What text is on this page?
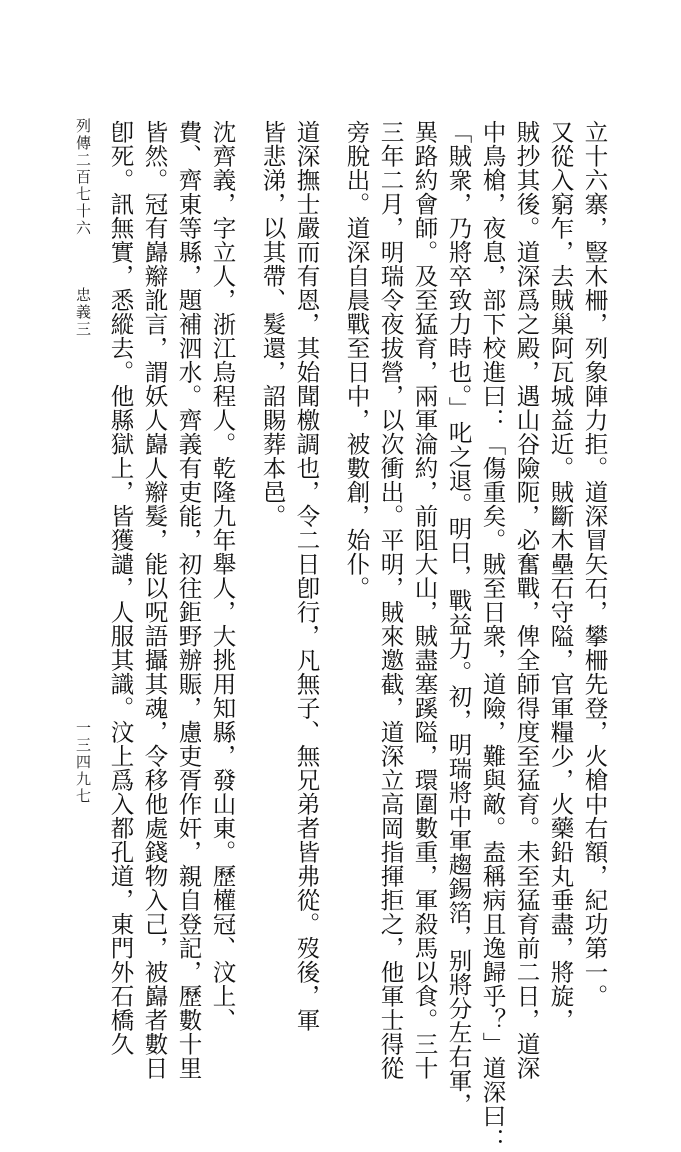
立十六寨，豎木柵，列象陣力拒。道深冒矢石，攀柵先登，火槍中右額，紀功第一。
又從入窮乍，去賊巢阿瓦城益近。賊斷木壘石守隘，官軍糧少，火藥鉛丸垂盡，將旋，
賊抄其後。道深爲之殿，遇山谷險阨，必奮戰，俾全師得度至猛育。未至猛育前二日，道深
中鳥槍，夜息，部下校進曰：「傷重矣。賊至日衆，道險，難與敵。盍稱病且逸歸乎？」道深曰：
「賊衆，乃將卒致力時也。」叱之退。明日，戰益力。初，明瑞將中軍趨錫箔，别將分左右軍，
異路約會師。及至猛育，兩軍淪約，前阻大山，賊盡塞蹊隘，環圍數重，軍殺馬以食。三十
三年二月，明瑞令夜拔營，以次衝出。平明，賊來邀截，道深立高岡指揮拒之，他軍士得從
旁脫出。道深自晨戰至日中，被數創，始仆。
道深撫士嚴而有恩，其始聞檄調也，令二日卽行，凡無子、無兄弟者皆弗從。歿後，軍
皆悲涕，以其帶、髮還，詔賜葬本邑。
沈齊義，字立人，浙江烏程人。乾隆九年舉人，大挑用知縣，發山東。歷權冠、汶上、
費、齊東等縣，題補泗水。齊義有吏能，初往鉅野辦賑，慮吏胥作奸，親自登記，歷數十里
皆然。冠有巋辮訛言，謂妖人巋人辮髮，能以呪語攝其魂，令移他處錢物入己，被巋者數日
卽死。訊無實，悉縱去。他縣獄上，皆獲譴，人服其識。汶上爲入都孔道，東門外石橋久
列傳二百七十六忠義三
一三四九七
